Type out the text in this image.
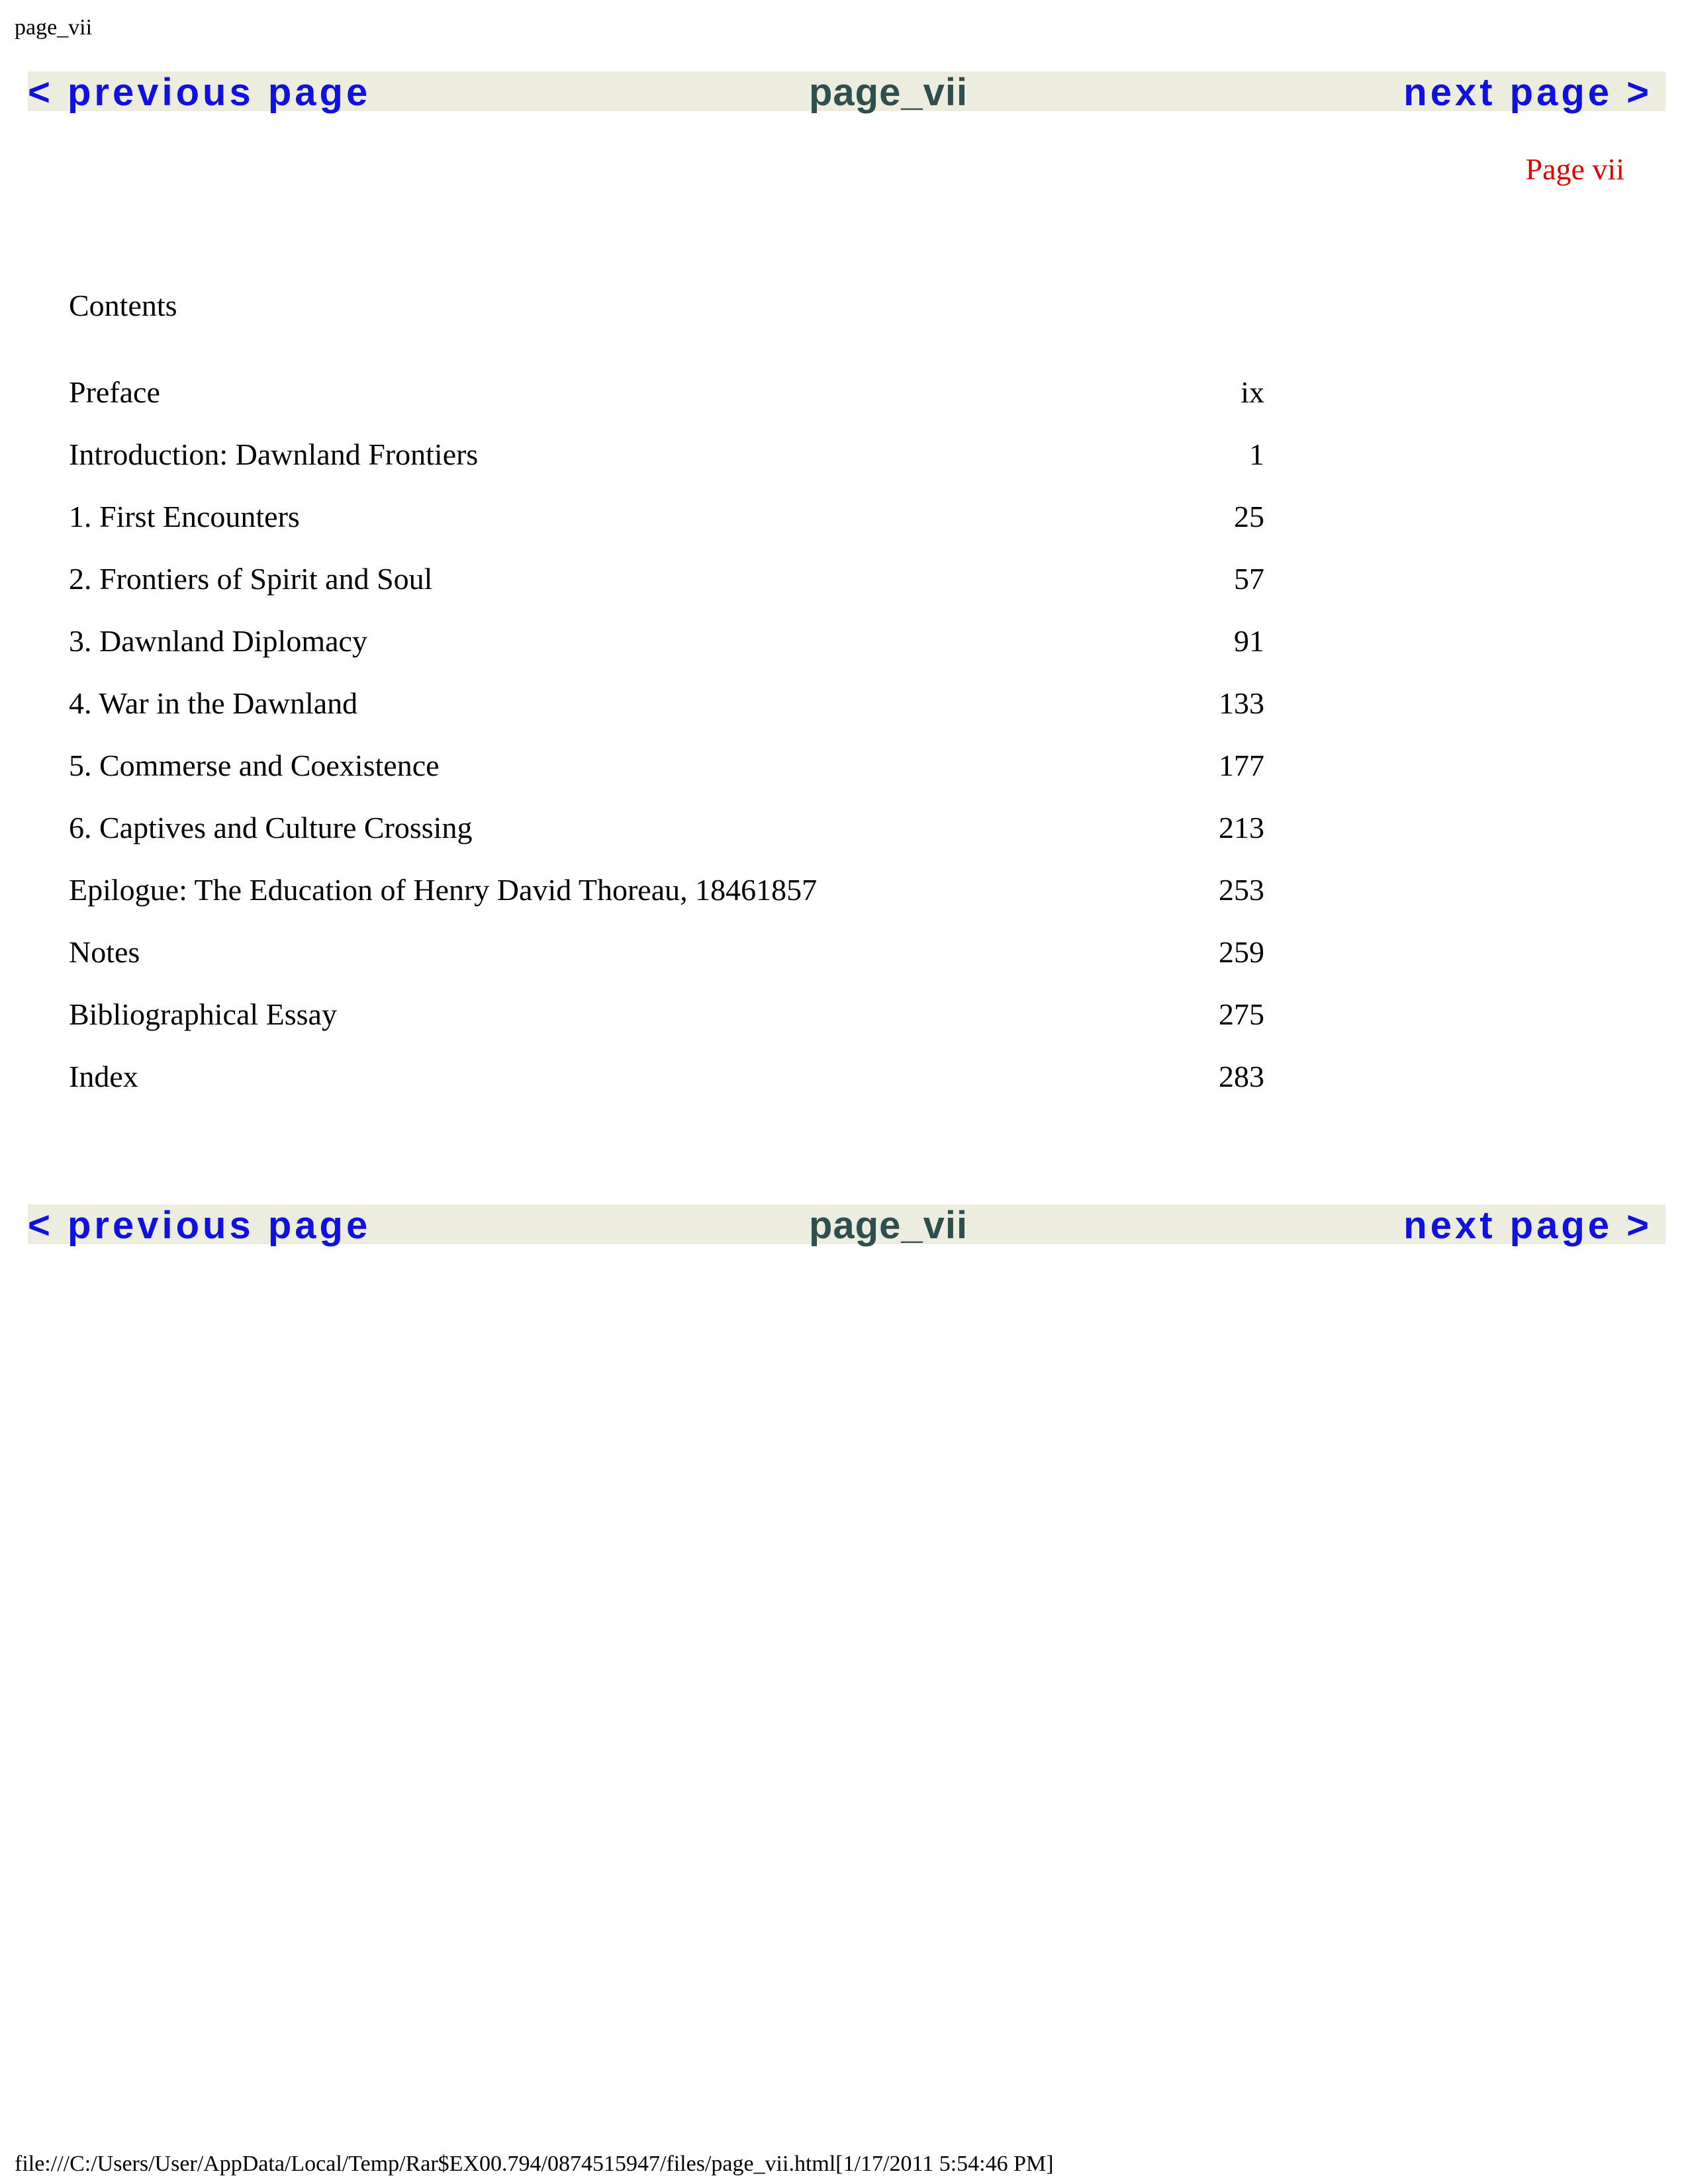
page_vii
< previous page	page_vii	next page >
Page vii
Contents
Preface	ix
Introduction: Dawnland Frontiers	1
1. First Encounters	25
2. Frontiers of Spirit and Soul	57
3. Dawnland Diplomacy	91
4. War in the Dawnland	133
5. Commerse and Coexistence	177
6. Captives and Culture Crossing	213
Epilogue: The Education of Henry David Thoreau, 18461857	253
Notes	259
Bibliographical Essay	275
Index	283
< previous page	page_vii	next page >
file:///C:/Users/User/AppData/Local/Temp/Rar$EX00.794/0874515947/files/page_vii.html[1/17/2011 5:54:46 PM]
